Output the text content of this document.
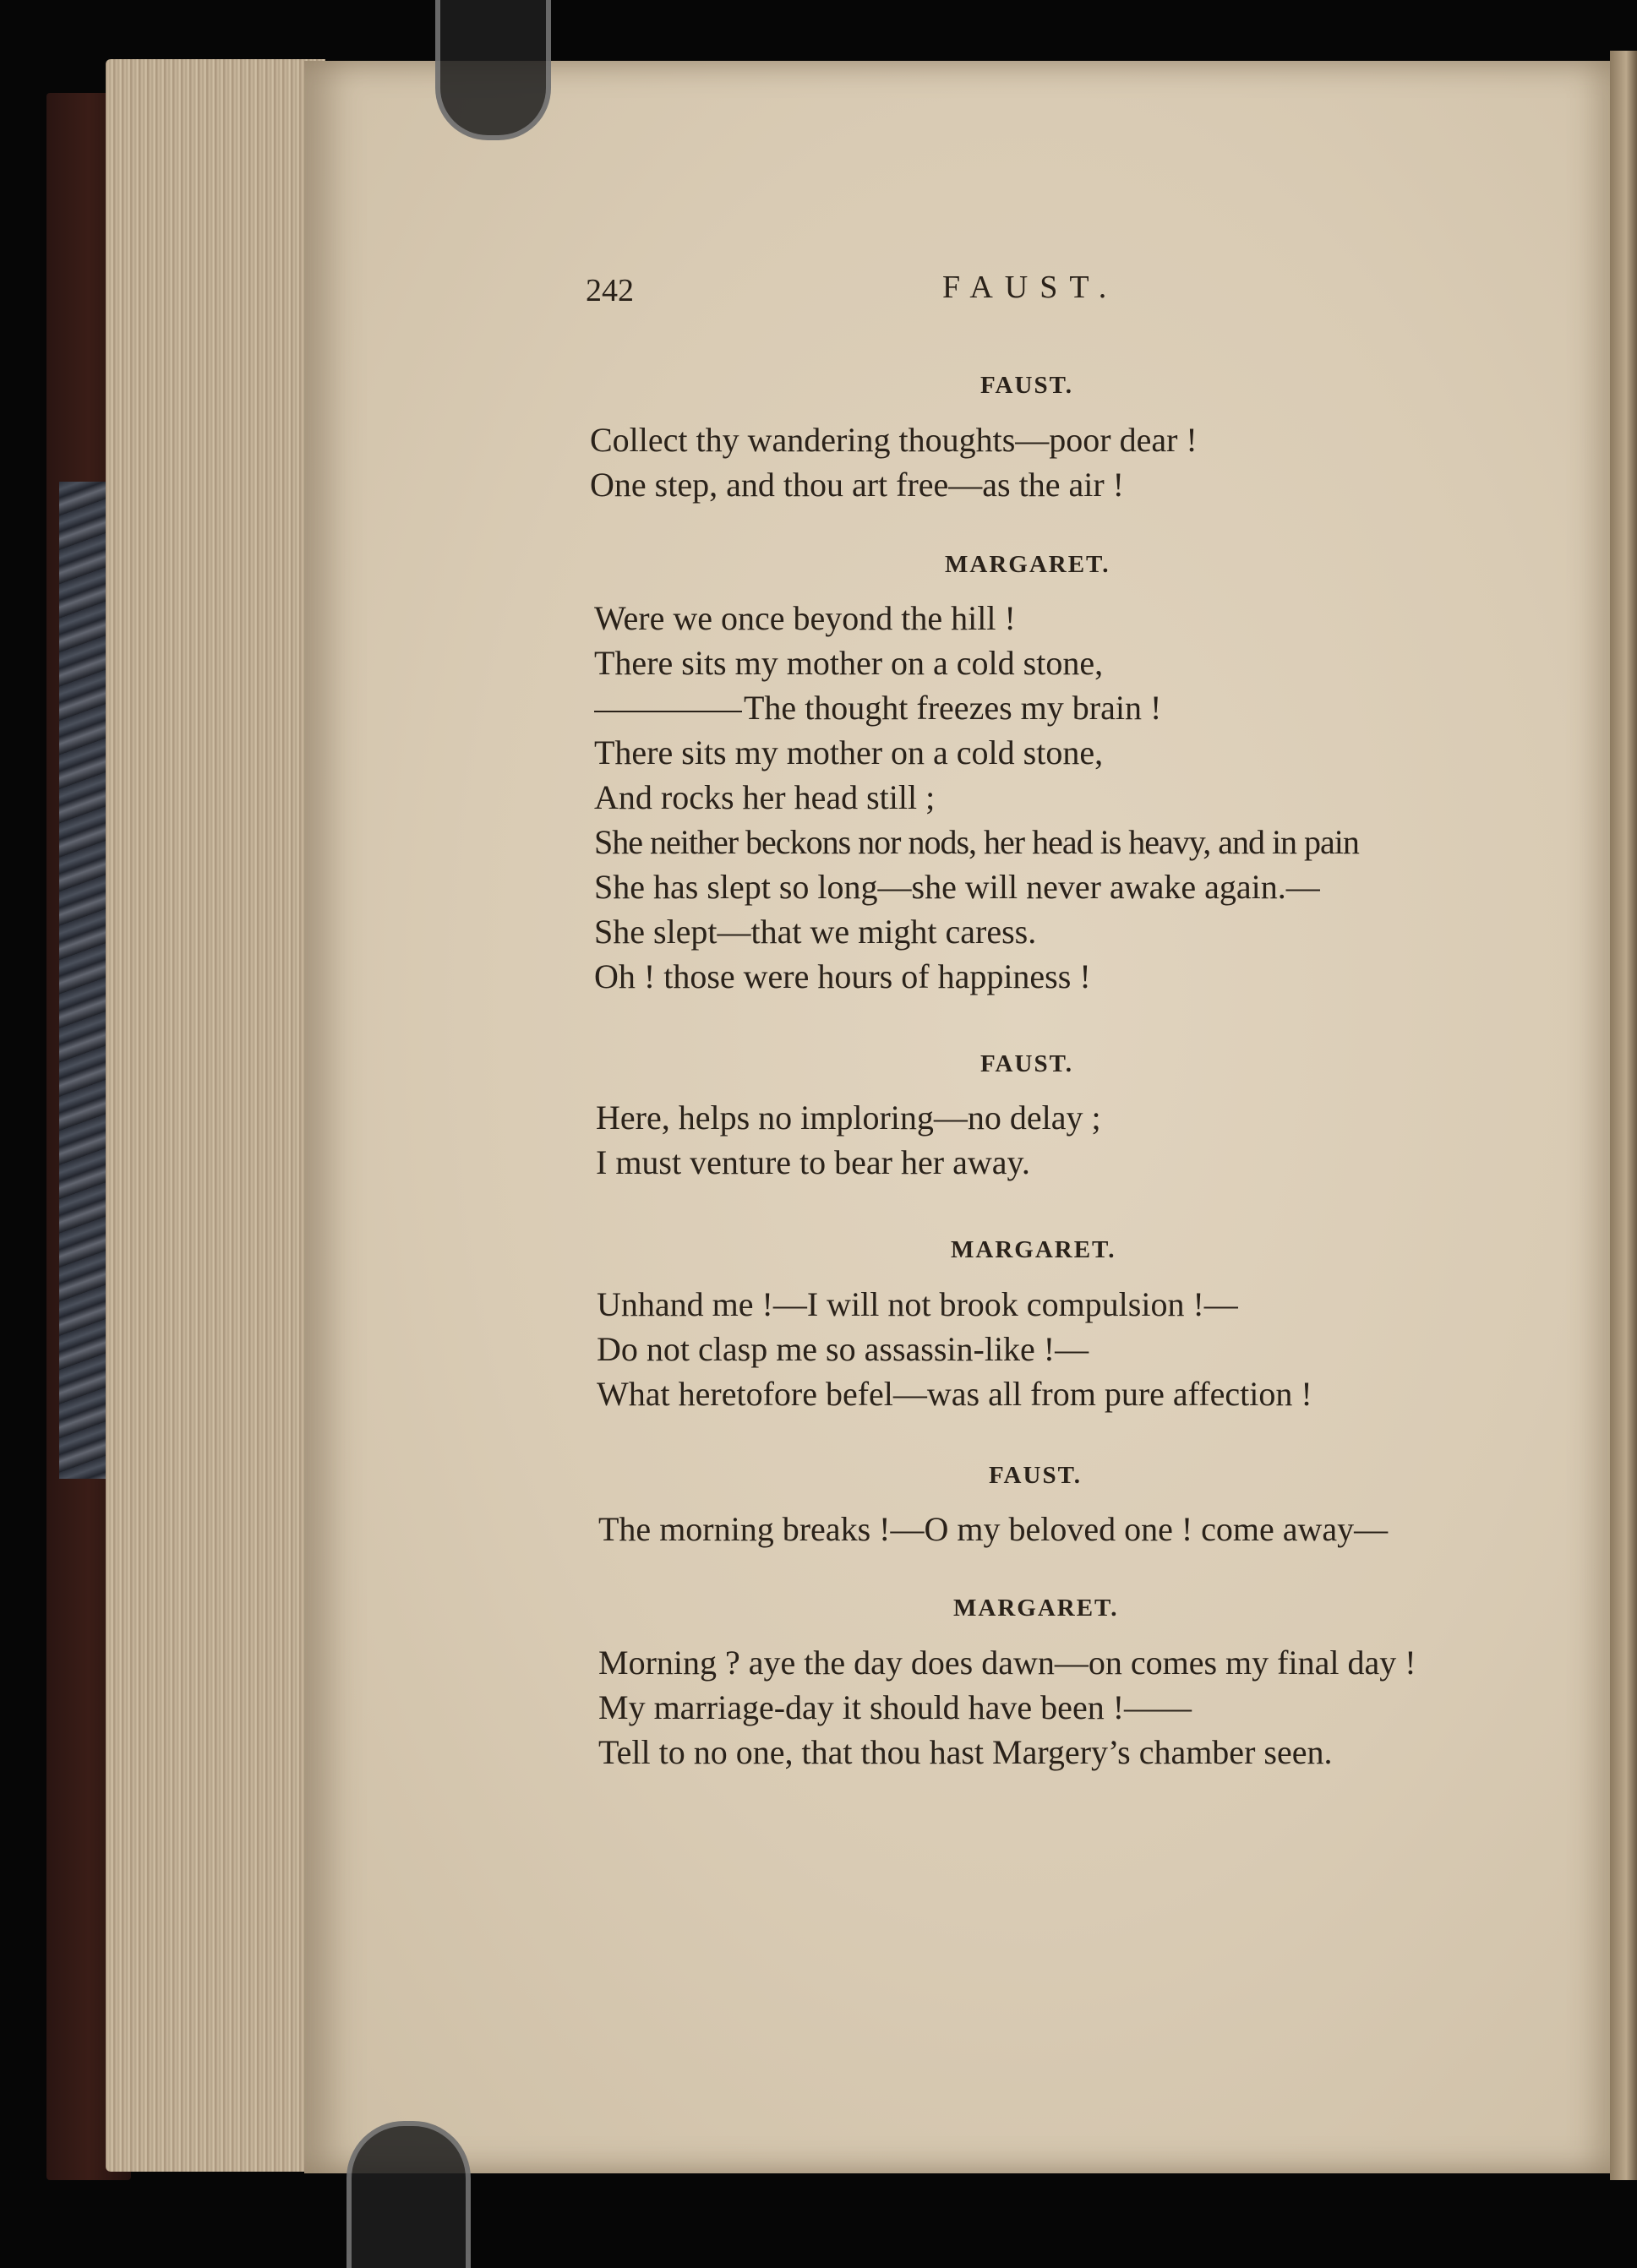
242	FAUST.
FAUST.
Collect thy wandering thoughts—poor dear !
One step, and thou art free—as the air !
MARGARET.
Were we once beyond the hill !
There sits my mother on a cold stone,
The thought freezes my brain !
There sits my mother on a cold stone,
And rocks her head still ;
She neither beckons nor nods, her head is heavy, and in pain
She has slept so long—she will never awake again.—
She slept—that we might caress.
Oh ! those were hours of happiness !
FAUST.
Here, helps no imploring—no delay ;
I must venture to bear her away.
MARGARET.
Unhand me !—I will not brook compulsion !—
Do not clasp me so assassin-like !—
What heretofore befel—was all from pure affection !
FAUST.
The morning breaks !—O my beloved one ! come away—
MARGARET.
Morning ? aye the day does dawn—on comes my final day !
My marriage-day it should have been !——
Tell to no one, that thou hast Margery’s chamber seen.
